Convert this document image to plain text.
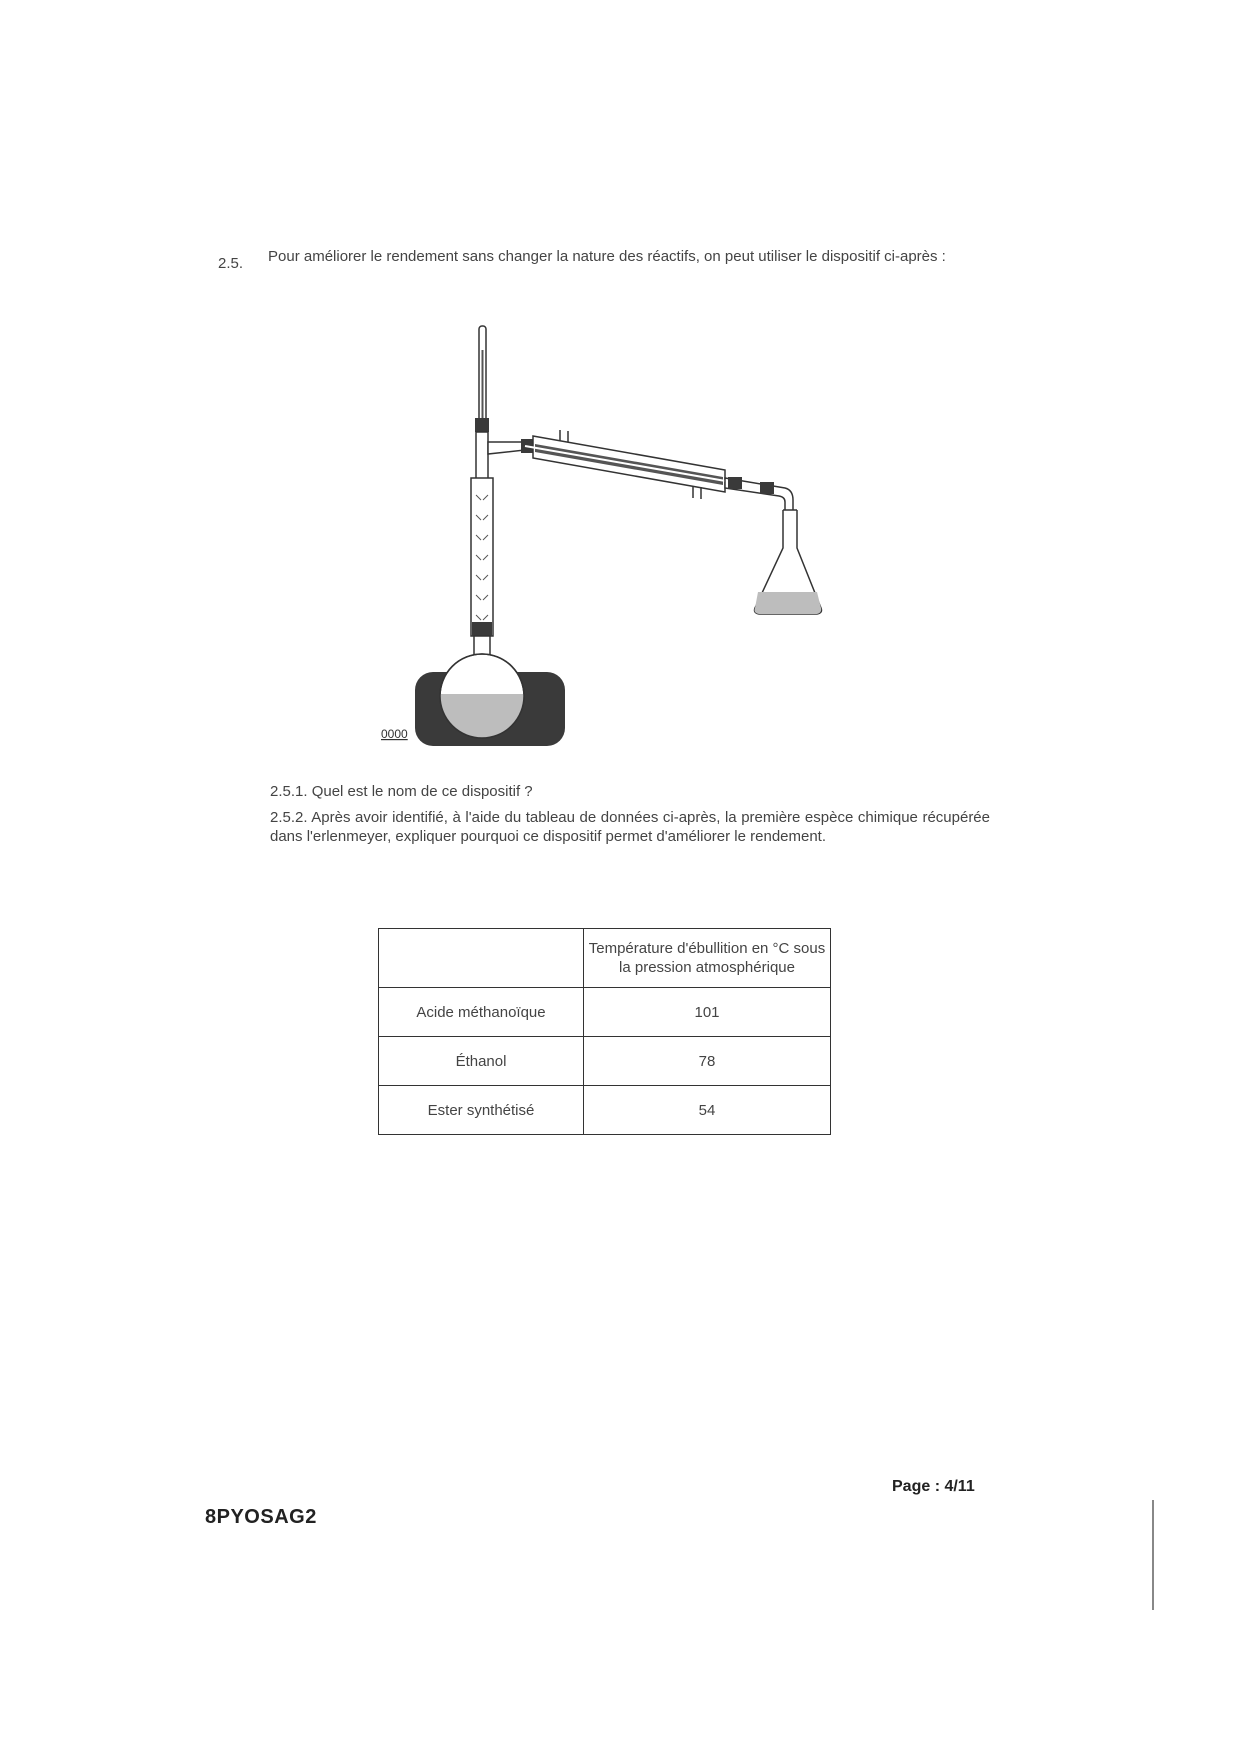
2.5. Pour améliorer le rendement sans changer la nature des réactifs, on peut utiliser le dispositif ci-après :
0000
2.5.1. Quel est le nom de ce dispositif ?
2.5.2. Après avoir identifié, à l'aide du tableau de données ci-après, la première espèce chimique récupérée dans l'erlenmeyer, expliquer pourquoi ce dispositif permet d'améliorer le rendement.
	Température d'ébullition en °C sous la pression atmosphérique
Acide méthanoïque	101
Éthanol	78
Ester synthétisé	54
Page : 4/11
8PYOSAG2
